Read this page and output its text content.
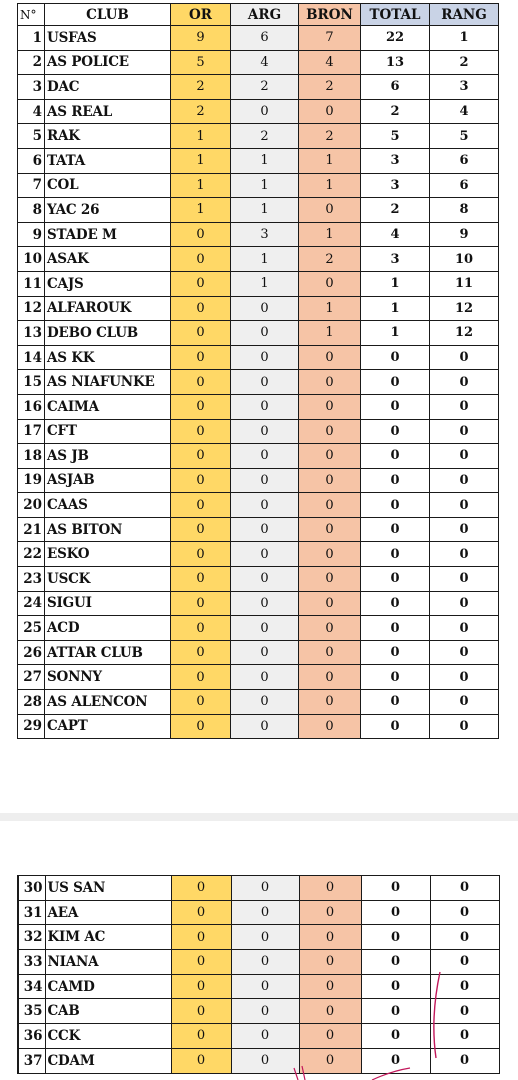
N°	CLUB	OR	ARG	BRON	TOTAL	RANG
1	USFAS	9	6	7	22	1
2	AS POLICE	5	4	4	13	2
3	DAC	2	2	2	6	3
4	AS REAL	2	0	0	2	4
5	RAK	1	2	2	5	5
6	TATA	1	1	1	3	6
7	COL	1	1	1	3	6
8	YAC 26	1	1	0	2	8
9	STADE M	0	3	1	4	9
10	ASAK	0	1	2	3	10
11	CAJS	0	1	0	1	11
12	ALFAROUK	0	0	1	1	12
13	DEBO CLUB	0	0	1	1	12
14	AS KK	0	0	0	0	0
15	AS NIAFUNKE	0	0	0	0	0
16	CAIMA	0	0	0	0	0
17	CFT	0	0	0	0	0
18	AS JB	0	0	0	0	0
19	ASJAB	0	0	0	0	0
20	CAAS	0	0	0	0	0
21	AS BITON	0	0	0	0	0
22	ESKO	0	0	0	0	0
23	USCK	0	0	0	0	0
24	SIGUI	0	0	0	0	0
25	ACD	0	0	0	0	0
26	ATTAR CLUB	0	0	0	0	0
27	SONNY	0	0	0	0	0
28	AS ALENCON	0	0	0	0	0
29	CAPT	0	0	0	0	0
30	US SAN	0	0	0	0	0
31	AEA	0	0	0	0	0
32	KIM AC	0	0	0	0	0
33	NIANA	0	0	0	0	0
34	CAMD	0	0	0	0	0
35	CAB	0	0	0	0	0
36	CCK	0	0	0	0	0
37	CDAM	0	0	0	0	0
